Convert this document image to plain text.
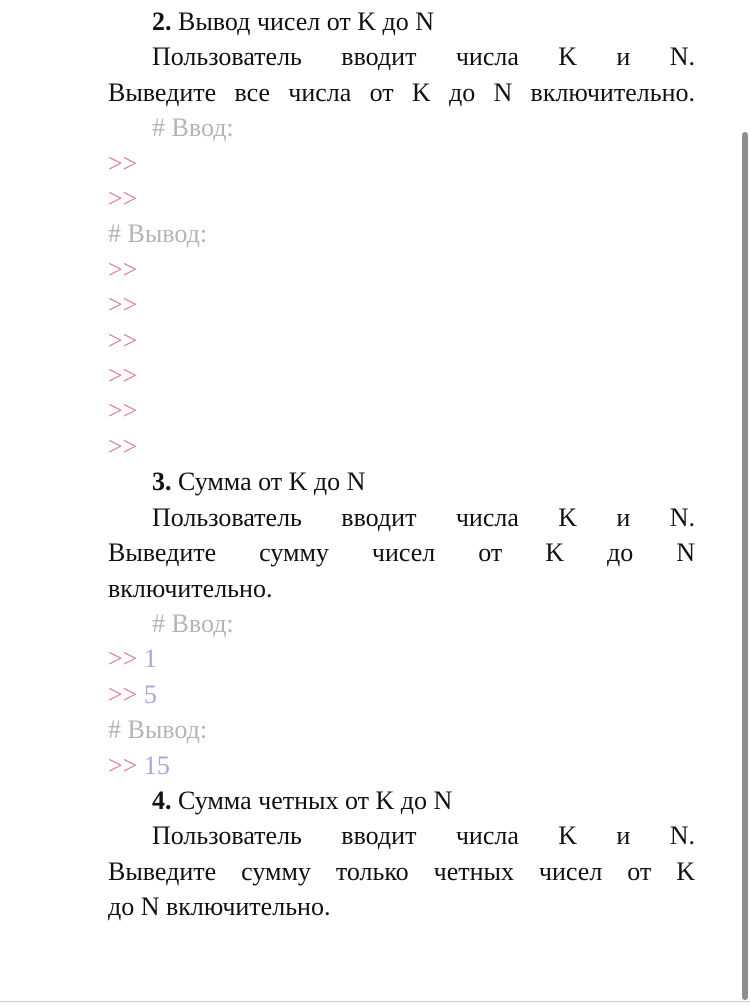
2. Вывод чисел от K до N
Пользователь вводит числа K и N.
Выведите все числа от K до N включительно.
# Ввод:
>>
>>
# Вывод:
>>
>>
>>
>>
>>
>>
3. Сумма от K до N
Пользователь вводит числа K и N.
Выведите сумму чисел от K до N
включительно.
# Ввод:
>> 1
>> 5
# Вывод:
>> 15
4. Сумма четных от K до N
Пользователь вводит числа K и N.
Выведите сумму только четных чисел от K
до N включительно.
